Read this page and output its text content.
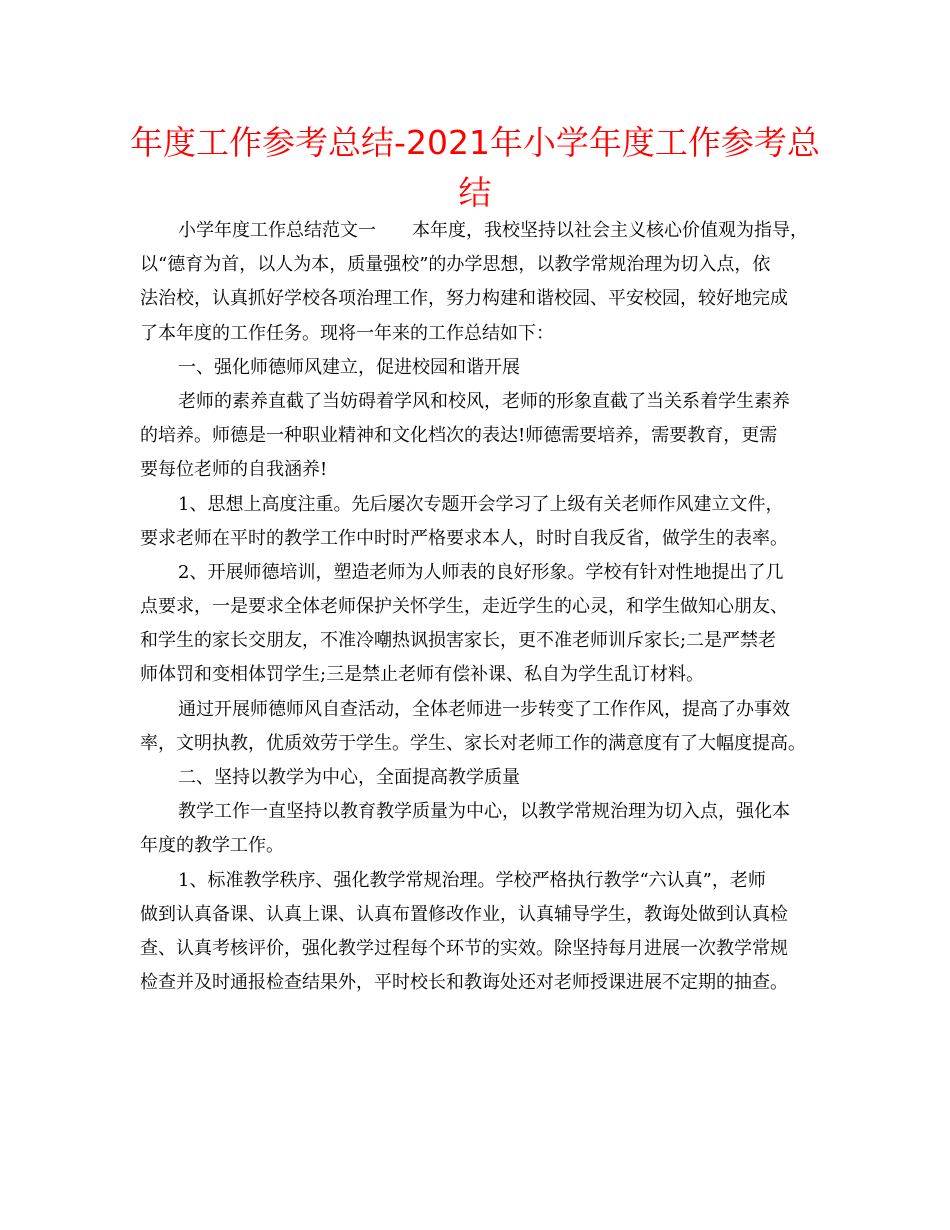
年度工作参考总结-2021年小学年度工作参考总
结
小学年度工作总结范文一　　本年度，我校坚持以社会主义核心价值观为指导，
以“德育为首，以人为本，质量强校”的办学思想，以教学常规治理为切入点，依
法治校，认真抓好学校各项治理工作，努力构建和谐校园、平安校园，较好地完成
了本年度的工作任务。现将一年来的工作总结如下：
一、强化师德师风建立，促进校园和谐开展
老师的素养直截了当妨碍着学风和校风，老师的形象直截了当关系着学生素养
的培养。师德是一种职业精神和文化档次的表达!师德需要培养，需要教育，更需
要每位老师的自我涵养!
1、思想上高度注重。先后屡次专题开会学习了上级有关老师作风建立文件，
要求老师在平时的教学工作中时时严格要求本人，时时自我反省，做学生的表率。
2、开展师德培训，塑造老师为人师表的良好形象。学校有针对性地提出了几
点要求，一是要求全体老师保护关怀学生，走近学生的心灵，和学生做知心朋友、
和学生的家长交朋友，不准冷嘲热讽损害家长，更不准老师训斥家长;二是严禁老
师体罚和变相体罚学生;三是禁止老师有偿补课、私自为学生乱订材料。
通过开展师德师风自查活动，全体老师进一步转变了工作作风，提高了办事效
率，文明执教，优质效劳于学生。学生、家长对老师工作的满意度有了大幅度提高。
二、坚持以教学为中心，全面提高教学质量
教学工作一直坚持以教育教学质量为中心，以教学常规治理为切入点，强化本
年度的教学工作。
1、标准教学秩序、强化教学常规治理。学校严格执行教学“六认真”，老师
做到认真备课、认真上课、认真布置修改作业，认真辅导学生，教诲处做到认真检
查、认真考核评价，强化教学过程每个环节的实效。除坚持每月进展一次教学常规
检查并及时通报检查结果外，平时校长和教诲处还对老师授课进展不定期的抽查。
